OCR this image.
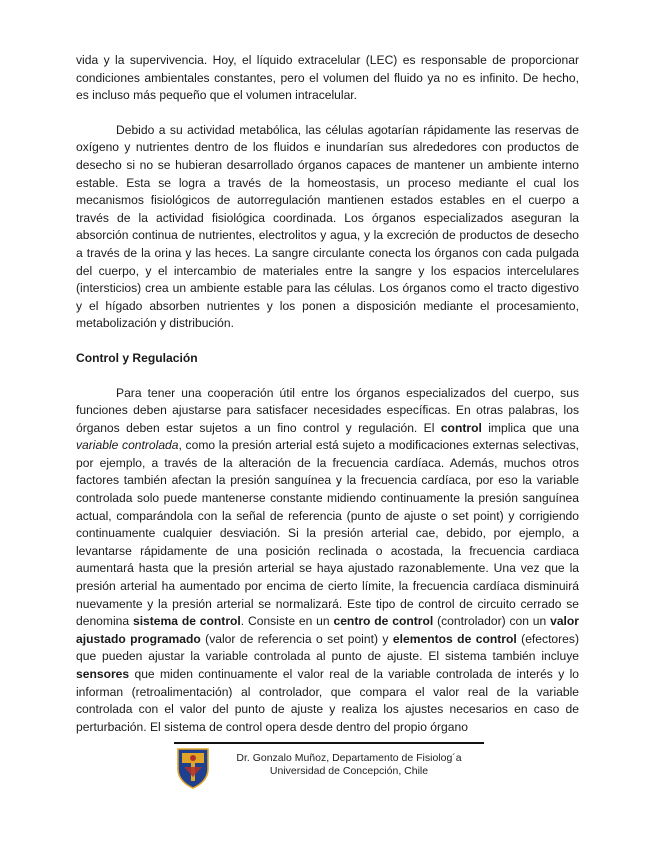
vida y la supervivencia. Hoy, el líquido extracelular (LEC) es responsable de proporcionar condiciones ambientales constantes, pero el volumen del fluido ya no es infinito. De hecho, es incluso más pequeño que el volumen intracelular.

Debido a su actividad metabólica, las células agotarían rápidamente las reservas de oxígeno y nutrientes dentro de los fluidos e inundarían sus alrededores con productos de desecho si no se hubieran desarrollado órganos capaces de mantener un ambiente interno estable. Esta se logra a través de la homeostasis, un proceso mediante el cual los mecanismos fisiológicos de autorregulación mantienen estados estables en el cuerpo a través de la actividad fisiológica coordinada. Los órganos especializados aseguran la absorción continua de nutrientes, electrolitos y agua, y la excreción de productos de desecho a través de la orina y las heces. La sangre circulante conecta los órganos con cada pulgada del cuerpo, y el intercambio de materiales entre la sangre y los espacios intercelulares (intersticios) crea un ambiente estable para las células. Los órganos como el tracto digestivo y el hígado absorben nutrientes y los ponen a disposición mediante el procesamiento, metabolización y distribución.

Control y Regulación

Para tener una cooperación útil entre los órganos especializados del cuerpo, sus funciones deben ajustarse para satisfacer necesidades específicas. En otras palabras, los órganos deben estar sujetos a un fino control y regulación. El control implica que una variable controlada, como la presión arterial está sujeto a modificaciones externas selectivas, por ejemplo, a través de la alteración de la frecuencia cardíaca. Además, muchos otros factores también afectan la presión sanguínea y la frecuencia cardíaca, por eso la variable controlada solo puede mantenerse constante midiendo continuamente la presión sanguínea actual, comparándola con la señal de referencia (punto de ajuste o set point) y corrigiendo continuamente cualquier desviación. Si la presión arterial cae, debido, por ejemplo, a levantarse rápidamente de una posición reclinada o acostada, la frecuencia cardiaca aumentará hasta que la presión arterial se haya ajustado razonablemente. Una vez que la presión arterial ha aumentado por encima de cierto límite, la frecuencia cardíaca disminuirá nuevamente y la presión arterial se normalizará. Este tipo de control de circuito cerrado se denomina sistema de control. Consiste en un centro de control (controlador) con un valor ajustado programado (valor de referencia o set point) y elementos de control (efectores) que pueden ajustar la variable controlada al punto de ajuste. El sistema también incluye sensores que miden continuamente el valor real de la variable controlada de interés y lo informan (retroalimentación) al controlador, que compara el valor real de la variable controlada con el valor del punto de ajuste y realiza los ajustes necesarios en caso de perturbación. El sistema de control opera desde dentro del propio órgano

Dr. Gonzalo Muñoz, Departamento de Fisiolog´a
Universidad de Concepción, Chile
